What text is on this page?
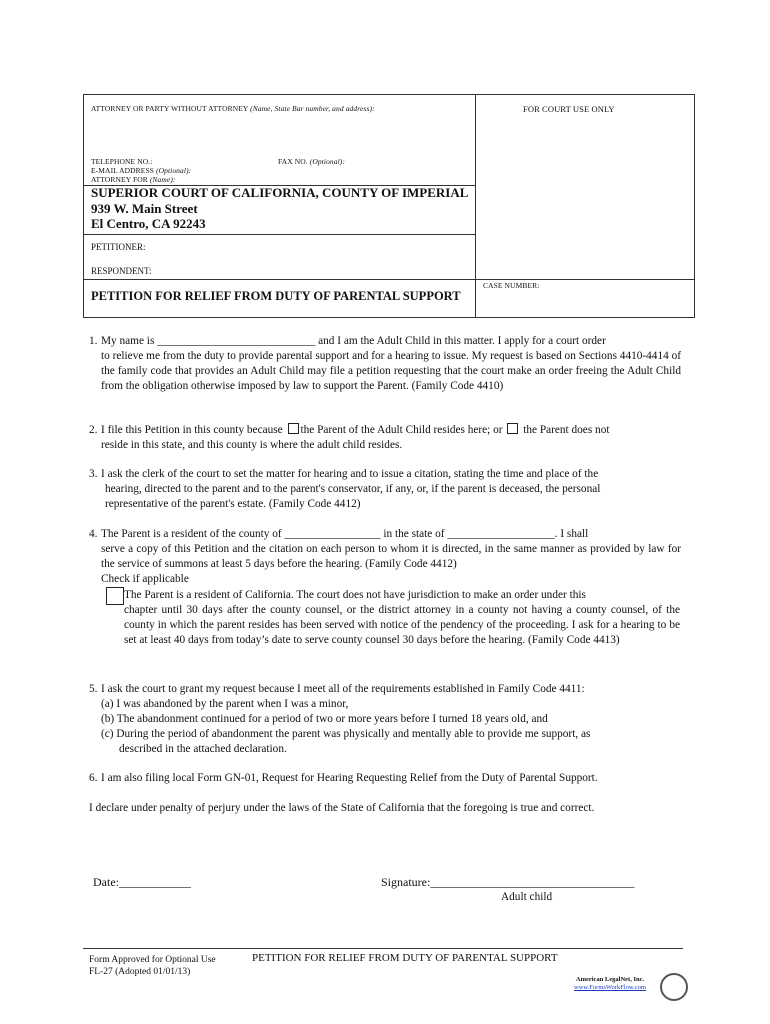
ATTORNEY OR PARTY WITHOUT ATTORNEY (Name, State Bar number, and address):	FOR COURT USE ONLY
TELEPHONE NO.:	FAX NO. (Optional):
E-MAIL ADDRESS (Optional):
ATTORNEY FOR (Name):
SUPERIOR COURT OF CALIFORNIA, COUNTY OF IMPERIAL
939 W. Main Street
El Centro, CA 92243
PETITIONER:
RESPONDENT:
CASE NUMBER:
PETITION FOR RELIEF FROM DUTY OF PARENTAL SUPPORT
1. My name is ____________________________ and I am the Adult Child in this matter. I apply for a court order
to relieve me from the duty to provide parental support and for a hearing to issue. My request is based on Sections 4410-4414 of the family code that provides an Adult Child may file a petition requesting that the court make an order freeing the Adult Child from the obligation otherwise imposed by law to support the Parent. (Family Code 4410)
2. I file this Petition in this county because the Parent of the Adult Child resides here; or the Parent does not
reside in this state, and this county is where the adult child resides.
3. I ask the clerk of the court to set the matter for hearing and to issue a citation, stating the time and place of the
hearing, directed to the parent and to the parent's conservator, if any, or, if the parent is deceased, the personal
representative of the parent's estate. (Family Code 4412)
4. The Parent is a resident of the county of _________________ in the state of ___________________. I shall
serve a copy of this Petition and the citation on each person to whom it is directed, in the same manner as provided by law for the service of summons at least 5 days before the hearing. (Family Code 4412)
Check if applicable
The Parent is a resident of California. The court does not have jurisdiction to make an order under this
chapter until 30 days after the county counsel, or the district attorney in a county not having a county counsel, of the county in which the parent resides has been served with notice of the pendency of the proceeding. I ask for a hearing to be set at least 40 days from today’s date to serve county counsel 30 days before the hearing. (Family Code 4413)
5. I ask the court to grant my request because I meet all of the requirements established in Family Code 4411:
(a) I was abandoned by the parent when I was a minor,
(b) The abandonment continued for a period of two or more years before I turned 18 years old, and
(c) During the period of abandonment the parent was physically and mentally able to provide me support, as
described in the attached declaration.
6. I am also filing local Form GN-01, Request for Hearing Requesting Relief from the Duty of Parental Support.
I declare under penalty of perjury under the laws of the State of California that the foregoing is true and correct.
Date:____________	Signature:__________________________________
Adult child
Form Approved for Optional Use
FL-27 (Adopted 01/01/13)
PETITION FOR RELIEF FROM DUTY OF PARENTAL SUPPORT
American LegalNet, Inc.
www.FormsWorkFlow.com
